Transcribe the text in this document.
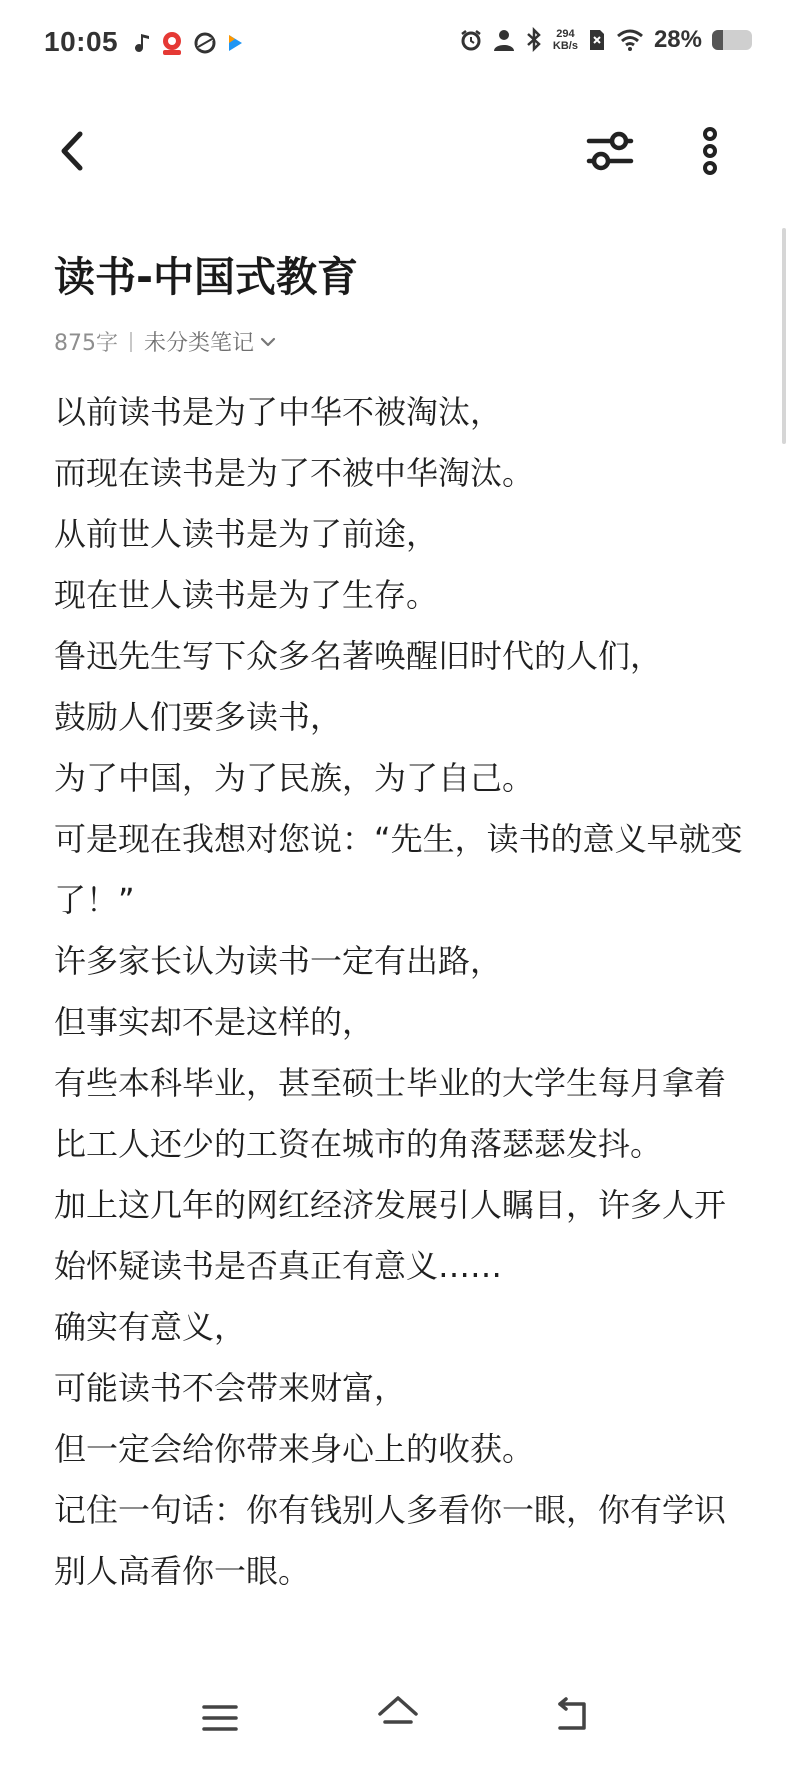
10:05	294
KB/s	28%
读书-中国式教育
875字 未分类笔记

以前读书是为了中华不被淘汰，

而现在读书是为了不被中华淘汰。

从前世人读书是为了前途，

现在世人读书是为了生存。

鲁迅先生写下众多名著唤醒旧时代的人们，

鼓励人们要多读书，

为了中国，为了民族，为了自己。

可是现在我想对您说：“先生，读书的意义早就变了！”

许多家长认为读书一定有出路，

但事实却不是这样的，

有些本科毕业，甚至硕士毕业的大学生每月拿着比工人还少的工资在城市的角落瑟瑟发抖。

加上这几年的网红经济发展引人瞩目，许多人开始怀疑读书是否真正有意义……

确实有意义，

可能读书不会带来财富，

但一定会给你带来身心上的收获。

记住一句话：你有钱别人多看你一眼，你有学识别人高看你一眼。
